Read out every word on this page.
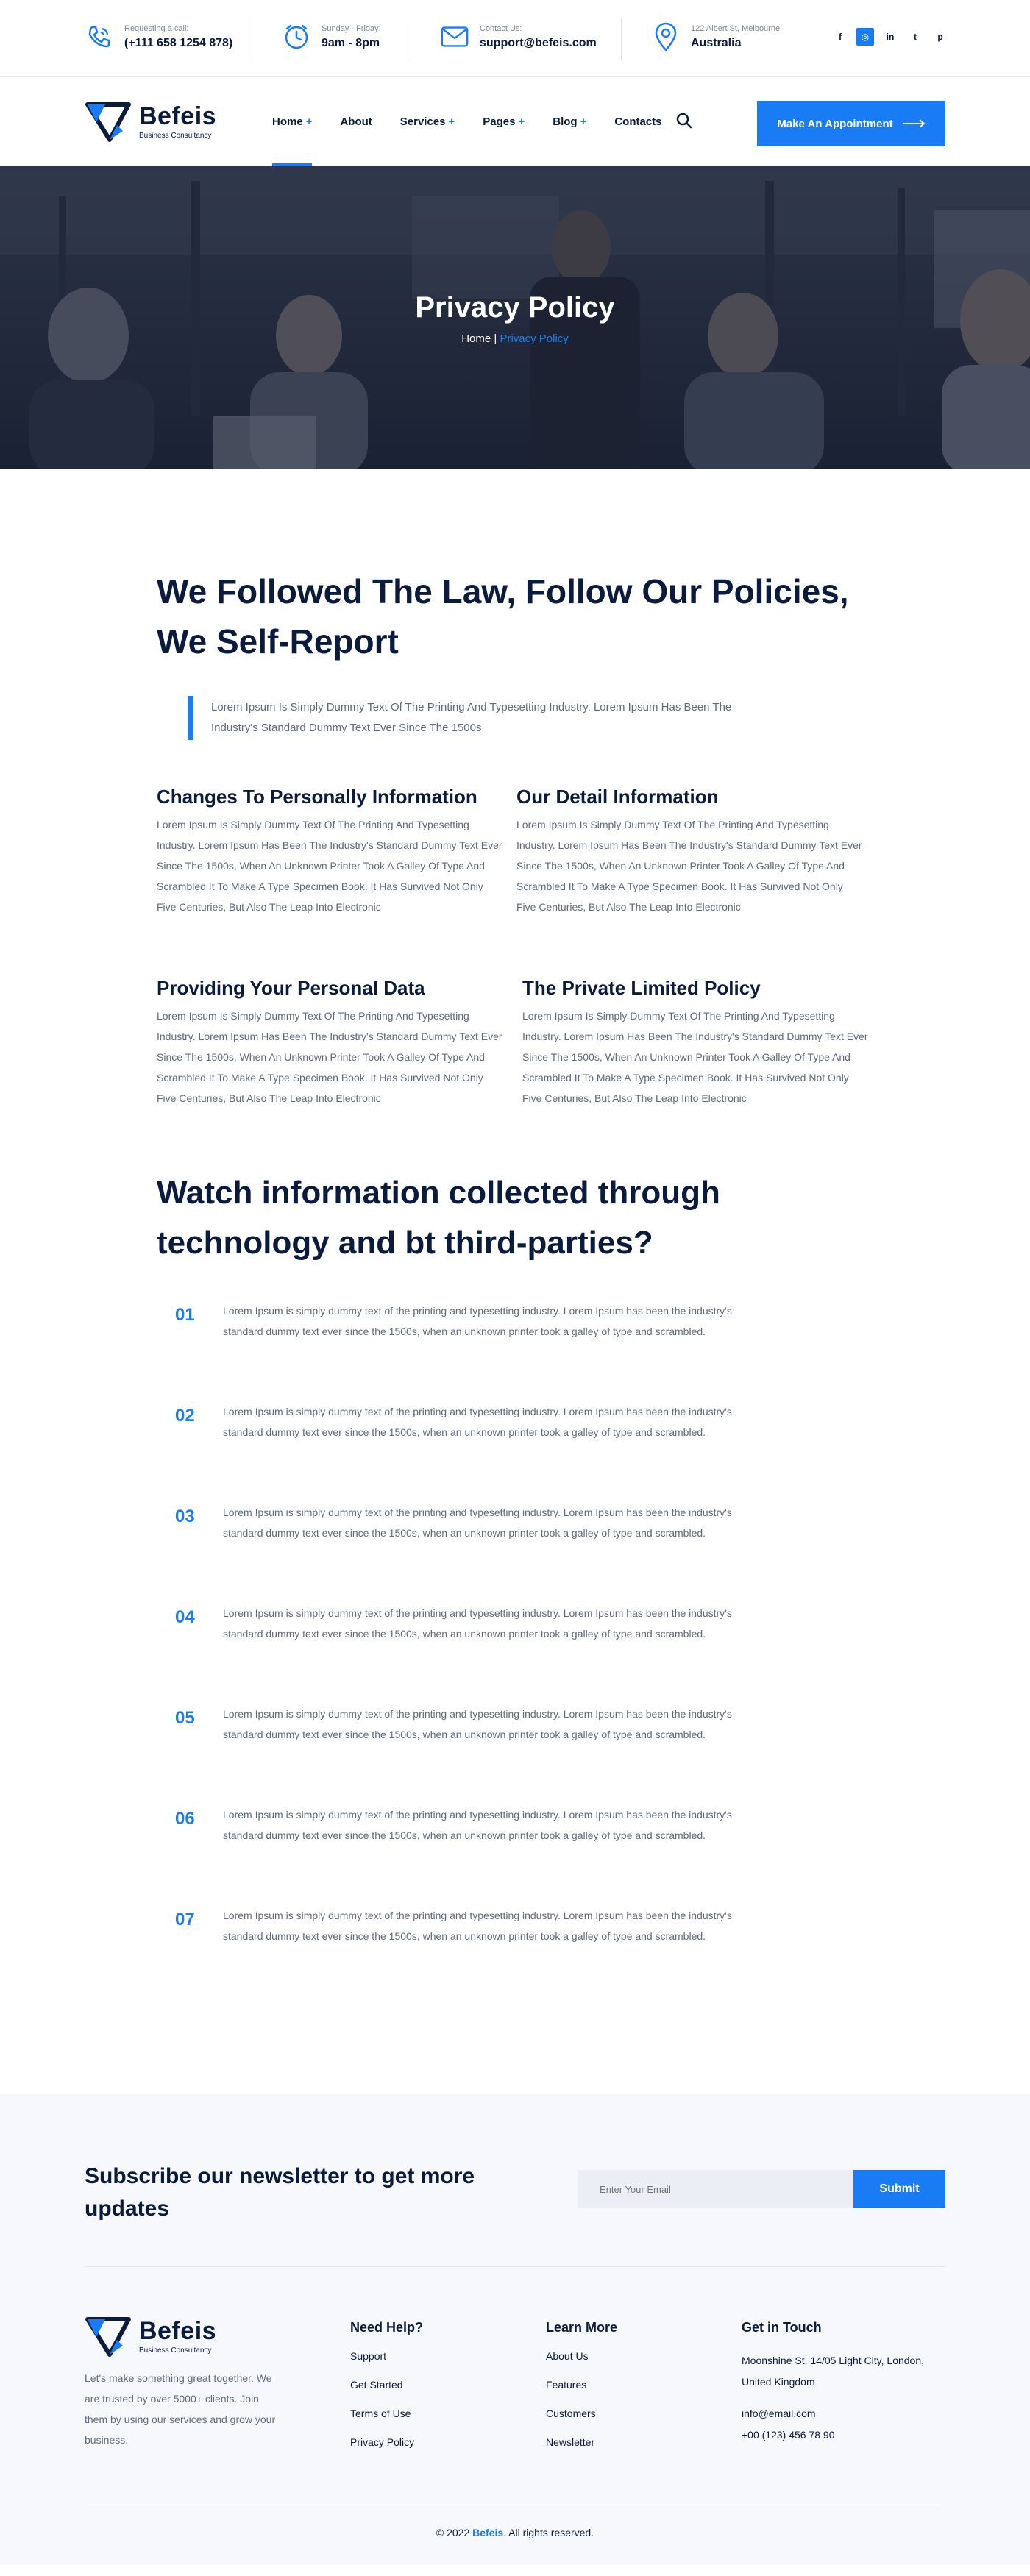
Requesting a call:
(+111 658 1254 878)
Sunday - Friday:
9am - 8pm
Contact Us:
support@befeis.com
122 Albert St, Melbourne
Australia	f	◎	in	t	p
Befeis
Business Consultancy
Home +	About	Services +	Pages +	Blog +	Contacts	Make An Appointment
Privacy Policy
Home | Privacy Policy
We Followed The Law, Follow Our Policies, We Self-Report
Lorem Ipsum Is Simply Dummy Text Of The Printing And Typesetting Industry. Lorem Ipsum Has Been The Industry's Standard Dummy Text Ever Since The 1500s
Changes To Personally Information

Lorem Ipsum Is Simply Dummy Text Of The Printing And Typesetting Industry. Lorem Ipsum Has Been The Industry's Standard Dummy Text Ever Since The 1500s, When An Unknown Printer Took A Galley Of Type And Scrambled It To Make A Type Specimen Book. It Has Survived Not Only Five Centuries, But Also The Leap Into Electronic

Our Detail Information

Lorem Ipsum Is Simply Dummy Text Of The Printing And Typesetting Industry. Lorem Ipsum Has Been The Industry's Standard Dummy Text Ever Since The 1500s, When An Unknown Printer Took A Galley Of Type And Scrambled It To Make A Type Specimen Book. It Has Survived Not Only Five Centuries, But Also The Leap Into Electronic

Providing Your Personal Data

Lorem Ipsum Is Simply Dummy Text Of The Printing And Typesetting Industry. Lorem Ipsum Has Been The Industry's Standard Dummy Text Ever Since The 1500s, When An Unknown Printer Took A Galley Of Type And Scrambled It To Make A Type Specimen Book. It Has Survived Not Only Five Centuries, But Also The Leap Into Electronic

The Private Limited Policy

Lorem Ipsum Is Simply Dummy Text Of The Printing And Typesetting Industry. Lorem Ipsum Has Been The Industry's Standard Dummy Text Ever Since The 1500s, When An Unknown Printer Took A Galley Of Type And Scrambled It To Make A Type Specimen Book. It Has Survived Not Only Five Centuries, But Also The Leap Into Electronic

Watch information collected through technology and bt third-parties?
01	Lorem Ipsum is simply dummy text of the printing and typesetting industry. Lorem Ipsum has been the industry's standard dummy text ever since the 1500s, when an unknown printer took a galley of type and scrambled.
02	Lorem Ipsum is simply dummy text of the printing and typesetting industry. Lorem Ipsum has been the industry's standard dummy text ever since the 1500s, when an unknown printer took a galley of type and scrambled.
03	Lorem Ipsum is simply dummy text of the printing and typesetting industry. Lorem Ipsum has been the industry's standard dummy text ever since the 1500s, when an unknown printer took a galley of type and scrambled.
04	Lorem Ipsum is simply dummy text of the printing and typesetting industry. Lorem Ipsum has been the industry's standard dummy text ever since the 1500s, when an unknown printer took a galley of type and scrambled.
05	Lorem Ipsum is simply dummy text of the printing and typesetting industry. Lorem Ipsum has been the industry's standard dummy text ever since the 1500s, when an unknown printer took a galley of type and scrambled.
06	Lorem Ipsum is simply dummy text of the printing and typesetting industry. Lorem Ipsum has been the industry's standard dummy text ever since the 1500s, when an unknown printer took a galley of type and scrambled.
07	Lorem Ipsum is simply dummy text of the printing and typesetting industry. Lorem Ipsum has been the industry's standard dummy text ever since the 1500s, when an unknown printer took a galley of type and scrambled.
Subscribe our newsletter to get more updates
Enter Your Email
Submit
Befeis
Business Consultancy
Let's make something great together. We are trusted by over 5000+ clients. Join them by using our services and grow your business.
Need Help?
Support
Get Started
Terms of Use
Privacy Policy
Learn More
About Us
Features
Customers
Newsletter
Get in Touch
Moonshine St. 14/05 Light City, London, United Kingdom
info@email.com
+00 (123) 456 78 90
© 2022 Befeis. All rights reserved.
